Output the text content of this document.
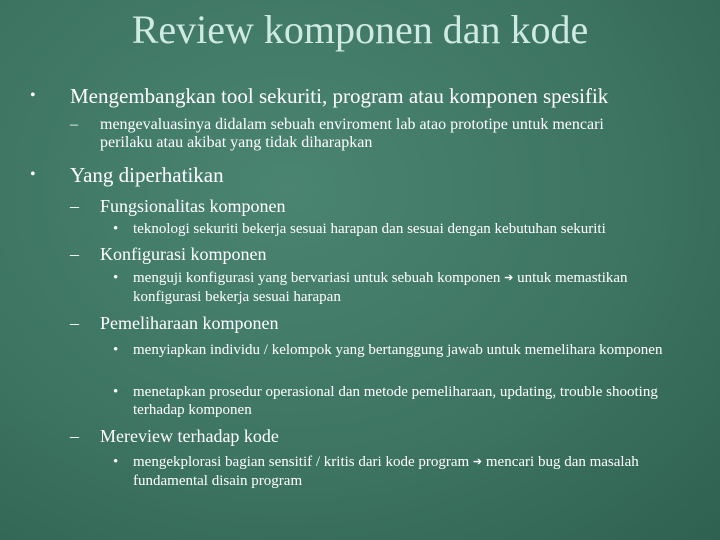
Review komponen dan kode
• Mengembangkan tool sekuriti, program atau komponen spesifik
–	mengevaluasinya didalam sebuah enviroment lab atao prototipe untuk mencari perilaku atau akibat yang tidak diharapkan
• Yang diperhatikan
–	Fungsionalitas komponen
• teknologi sekuriti bekerja sesuai harapan dan sesuai dengan kebutuhan sekuriti
–	Konfigurasi komponen
• menguji konfigurasi yang bervariasi untuk sebuah komponen ➔ untuk memastikan konfigurasi bekerja sesuai harapan
–	Pemeliharaan komponen
• menyiapkan individu / kelompok yang bertanggung jawab untuk memelihara komponen
• menetapkan prosedur operasional dan metode pemeliharaan, updating, trouble shooting terhadap komponen
–	Mereview terhadap kode
• mengekplorasi bagian sensitif / kritis dari kode program ➔ mencari bug dan masalah fundamental disain program
